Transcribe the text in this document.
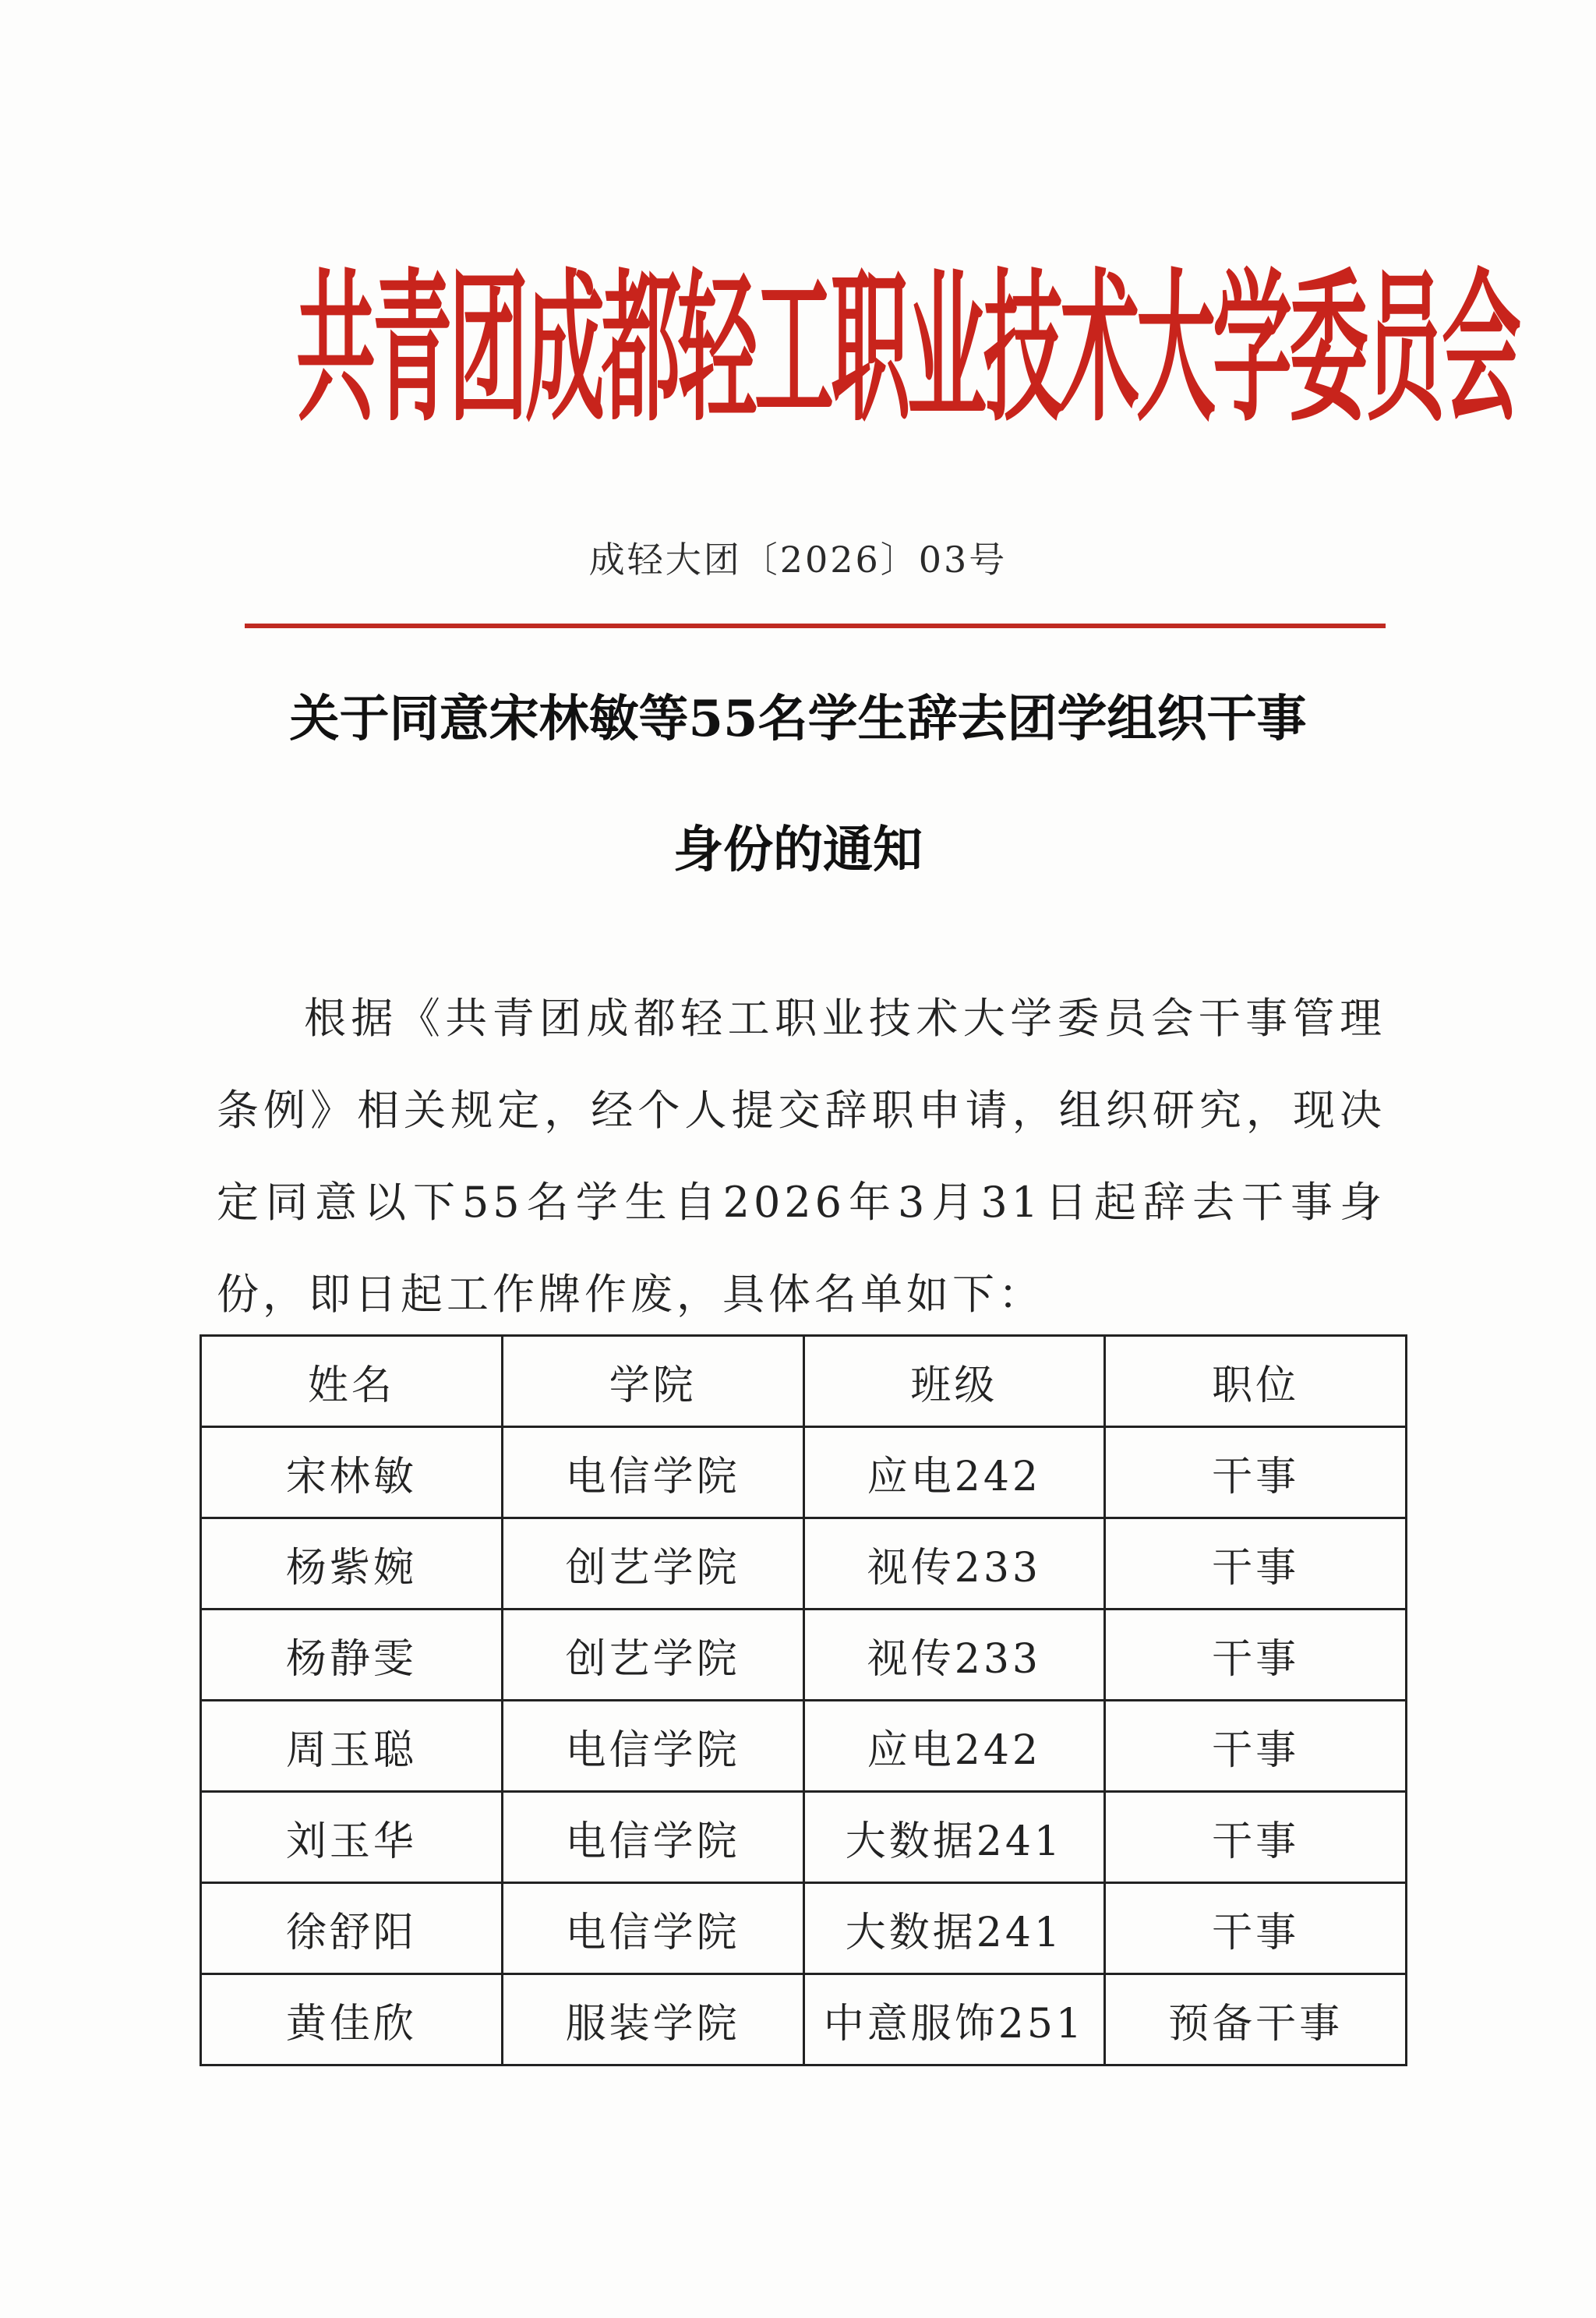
共青团成都轻工职业技术大学委员会
成轻大团〔2026〕03号
关于同意宋林敏等55名学生辞去团学组织干事
身份的通知

根据《共青团成都轻工职业技术大学委员会干事管理条例》相关规定，经个人提交辞职申请，组织研究，现决定同意以下55名学生自2026年3月31日起辞去干事身份，即日起工作牌作废，具体名单如下：

姓名	学院	班级	职位
宋林敏	电信学院	应电242	干事
杨紫婉	创艺学院	视传233	干事
杨静雯	创艺学院	视传233	干事
周玉聪	电信学院	应电242	干事
刘玉华	电信学院	大数据241	干事
徐舒阳	电信学院	大数据241	干事
黄佳欣	服装学院	中意服饰251	预备干事
